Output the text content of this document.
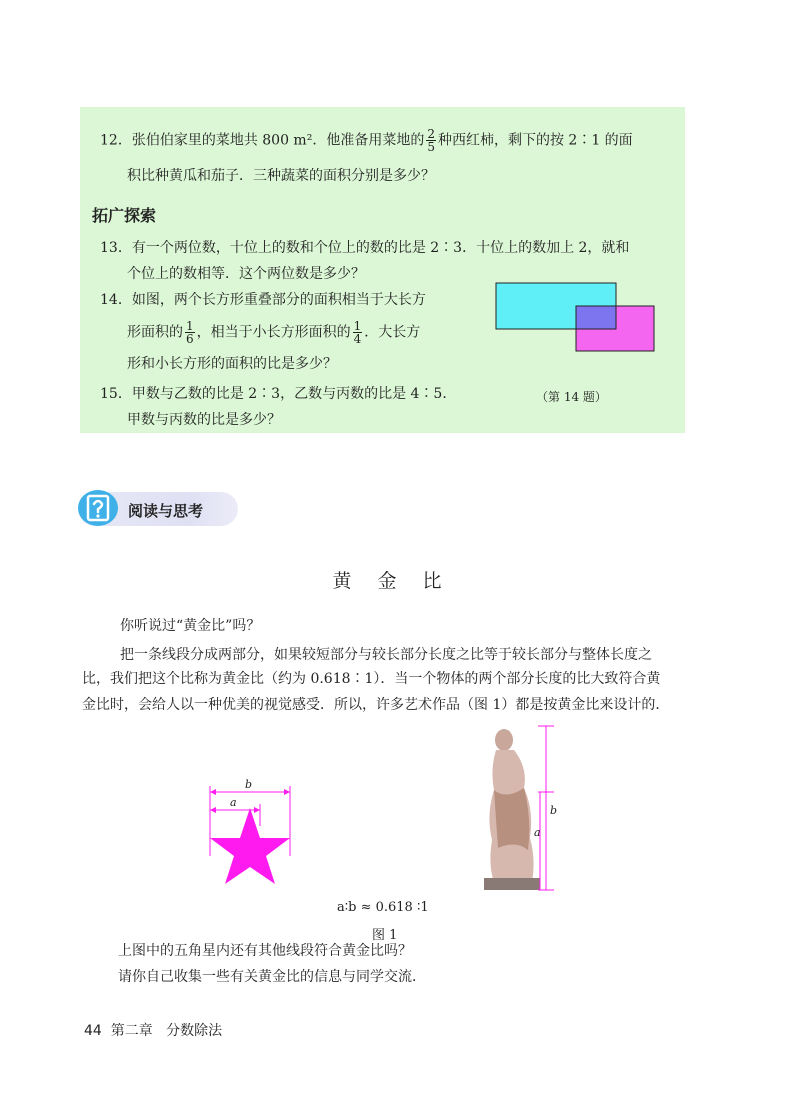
12．张伯伯家里的菜地共 800 m²．他准备用菜地的 $\frac{2}{5}$ 种西红柿，剩下的按 2∶1 的面
积比种黄瓜和茄子．三种蔬菜的面积分别是多少？
拓广探索
13．有一个两位数，十位上的数和个位上的数的比是 2∶3．十位上的数加上 2，就和
个位上的数相等．这个两位数是多少？
14．如图，两个长方形重叠部分的面积相当于大长方
形面积的 $\frac{1}{6}$ ，相当于小长方形面积的 $\frac{1}{4}$ ．大长方
形和小长方形的面积的比是多少？
（第 14 题）
15．甲数与乙数的比是 2∶3，乙数与丙数的比是 4∶5．
甲数与丙数的比是多少？
阅读与思考
黄金比
你听说过“黄金比”吗？
把一条线段分成两部分，如果较短部分与较长部分长度之比等于较长部分与整体长度之
比，我们把这个比称为黄金比（约为 0.618∶1）．当一个物体的两个部分长度的比大致符合黄
金比时，会给人以一种优美的视觉感受．所以，许多艺术作品（图 1）都是按黄金比来设计的．
b
a
b
a
a∶b ≈ 0.618 ∶1
图 1
上图中的五角星内还有其他线段符合黄金比吗？
请你自己收集一些有关黄金比的信息与同学交流．
44 第二章 分数除法
